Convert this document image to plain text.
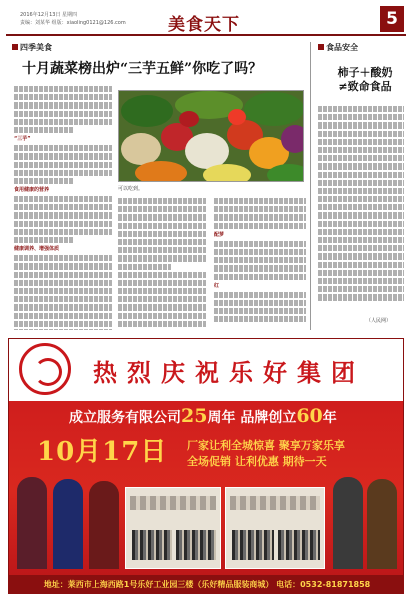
2016年12月13日 星期四
责编：刘某华 组版：xiaoling0121@126.com 美食天下	5
四季美食	食品安全
十月蔬菜榜出炉“三芋五鲜”你吃了吗？
“三芋”
食用健康的营养
健康调养、增强体质
可以吃到。
配萝
红
柿子＋酸奶
≠致命食品
（人民网）
热烈庆祝乐好集团
成立服务有限公司25周年 品牌创立60年
10月17日 厂家让利全城惊喜 聚享万家乐享
全场促销 让利优惠 期待一天
地址：莱西市上海西路1号乐好工业园三楼（乐好精品服装商城） 电话：0532-81871858
